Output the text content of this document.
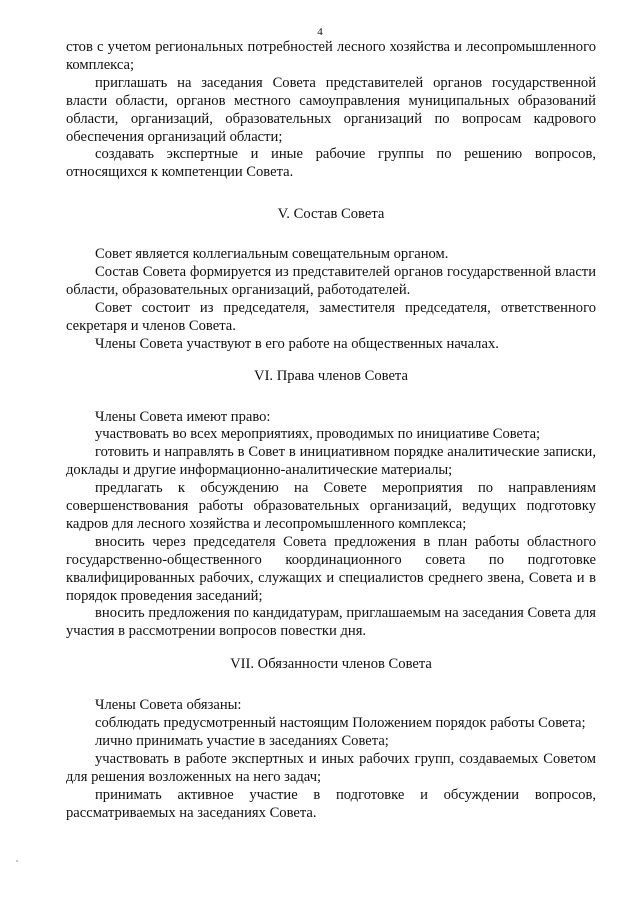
4

стов с учетом региональных потребностей лесного хозяйства и лесопромышленного комплекса;

приглашать на заседания Совета представителей органов государственной власти области, органов местного самоуправления муниципальных образований области, организаций, образовательных организаций по вопросам кадрового обеспечения организаций области;

создавать экспертные и иные рабочие группы по решению вопросов, относящихся к компетенции Совета.

V. Состав Совета

Совет является коллегиальным совещательным органом.

Состав Совета формируется из представителей органов государственной власти области, образовательных организаций, работодателей.

Совет состоит из председателя, заместителя председателя, ответственного секретаря и членов Совета.

Члены Совета участвуют в его работе на общественных началах.

VI. Права членов Совета

Члены Совета имеют право:

участвовать во всех мероприятиях, проводимых по инициативе Совета;

готовить и направлять в Совет в инициативном порядке аналитические записки, доклады и другие информационно-аналитические материалы;

предлагать к обсуждению на Совете мероприятия по направлениям совершенствования работы образовательных организаций, ведущих подготовку кадров для лесного хозяйства и лесопромышленного комплекса;

вносить через председателя Совета предложения в план работы областного государственно-общественного координационного совета по подготовке квалифицированных рабочих, служащих и специалистов среднего звена, Совета и в порядок проведения заседаний;

вносить предложения по кандидатурам, приглашаемым на заседания Совета для участия в рассмотрении вопросов повестки дня.

VII. Обязанности членов Совета

Члены Совета обязаны:

соблюдать предусмотренный настоящим Положением порядок работы Совета;

лично принимать участие в заседаниях Совета;

участвовать в работе экспертных и иных рабочих групп, создаваемых Советом для решения возложенных на него задач;

принимать активное участие в подготовке и обсуждении вопросов, рассматриваемых на заседаниях Совета.
